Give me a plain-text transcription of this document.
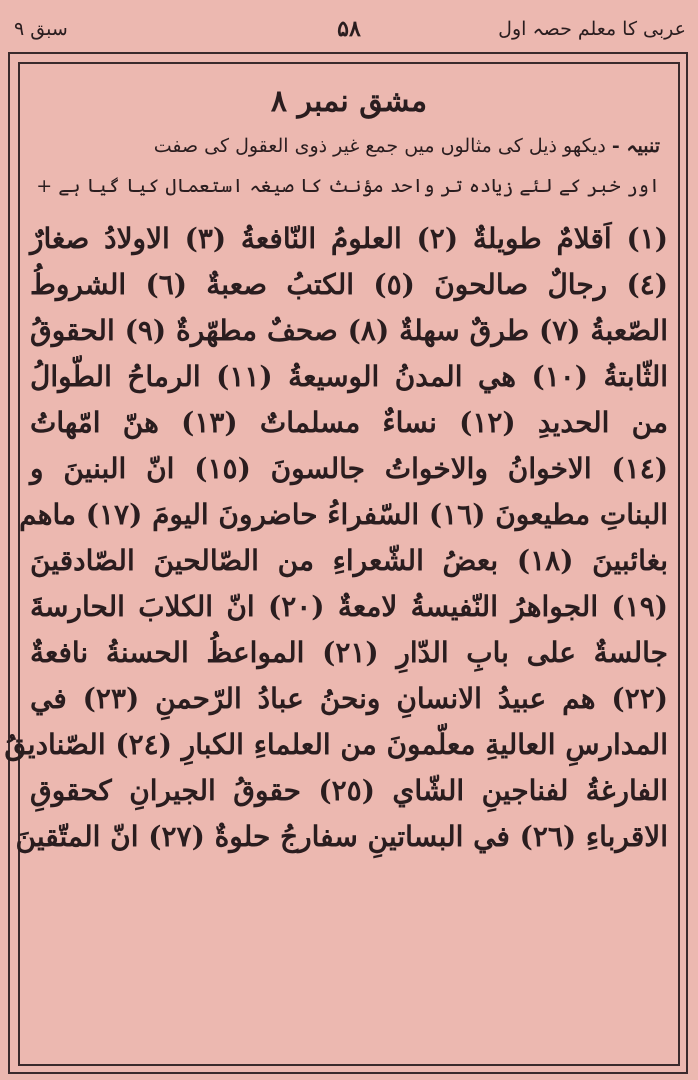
عربی کا معلم حصہ اول
۵۸
سبق ۹
مشق نمبر ۸
تنبیہ - دیکھو ذیل کی مثالوں میں جمع غیر ذوی العقول کی صفت
اور خبر کے لئے زیادہ تر واحد مؤنث کا صیغہ استعمال کیا گیا ہے +
(١) اَقلامٌ طويلةٌ (٢) العلومُ النّافعةُ (٣) الاولادُ صغارٌ
(٤) رجالٌ صالحونَ (٥) الكتبُ صعبةٌ (٦) الشروطُ
الصّعبةُ (٧) طرقٌ سهلةٌ (٨) صحفٌ مطهّرةٌ (٩) الحقوقُ
الثّابتةُ (١٠) هي المدنُ الوسيعةُ (١١) الرماحُ الطّوالُ
من الحديدِ (١٢) نساءٌ مسلماتٌ (١٣) هنّ امّهاتُ
(١٤) الاخوانُ والاخواتُ جالسونَ (١٥) انّ البنينَ و
البناتِ مطيعونَ (١٦) السّفراءُ حاضرونَ اليومَ (١٧) ماهم
بغائبينَ (١٨) بعضُ الشّعراءِ من الصّالحينَ الصّادقينَ
(١٩) الجواهرُ النّفيسةُ لامعةٌ (٢٠) انّ الكلابَ الحارسةَ
جالسةٌ على بابِ الدّارِ (٢١) المواعظُ الحسنةُ نافعةٌ
(٢٢) هم عبيدُ الانسانِ ونحنُ عبادُ الرّحمنِ (٢٣) في
المدارسِ العاليةِ معلّمونَ من العلماءِ الكبارِ (٢٤) الصّناديقُ
الفارغةُ لفناجينِ الشّاي (٢٥) حقوقُ الجيرانِ كحقوقِ
الاقرباءِ (٢٦) في البساتينِ سفارجُ حلوةٌ (٢٧) انّ المتّقينَ
